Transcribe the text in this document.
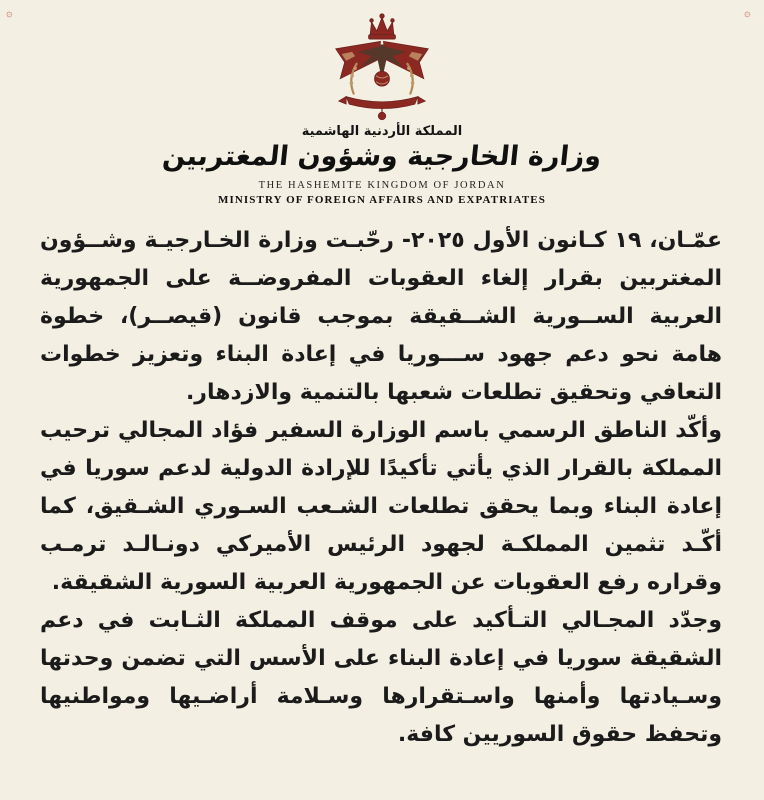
۞
۞
المملكة الأردنية الهاشمية
وزارة الخارجية وشؤون المغتربين
THE HASHEMITE KINGDOM OF JORDAN
MINISTRY OF FOREIGN AFFAIRS AND EXPATRIATES

عمّـان، ١٩ كـانون الأول ٢٠٢٥- رحّبـت وزارة الخـارجيـة وشــؤون المغتربين بقرار إلغاء العقوبات المفروضــة على الجمهورية العربية الســورية الشــقيقة بموجب قانون (قيصــر)، خطوة هامة نحو دعم جهود ســـوريا في إعادة البناء وتعزيز خطوات التعافي وتحقيق تطلعات شعبها بالتنمية والازدهار.

وأكّد الناطق الرسمي باسم الوزارة السفير فؤاد المجالي ترحيب المملكة بالقرار الذي يأتي تأكيدًا للإرادة الدولية لدعم سوريا في إعادة البناء وبما يحقق تطلعات الشـعب السـوري الشـقيق، كما أكّـد تثمين المملكـة لجهود الرئيس الأميركي دونـالـد ترمـب وقراره رفع العقوبات عن الجمهورية العربية السورية الشقيقة.

وجدّد المجـالي التـأكيد على موقف المملكة الثـابت في دعم الشقيقة سوريا في إعادة البناء على الأسس التي تضمن وحدتها وسـيادتها وأمنها واسـتقرارها وسـلامة أراضـيها ومواطنيها وتحفظ حقوق السوريين كافة.
